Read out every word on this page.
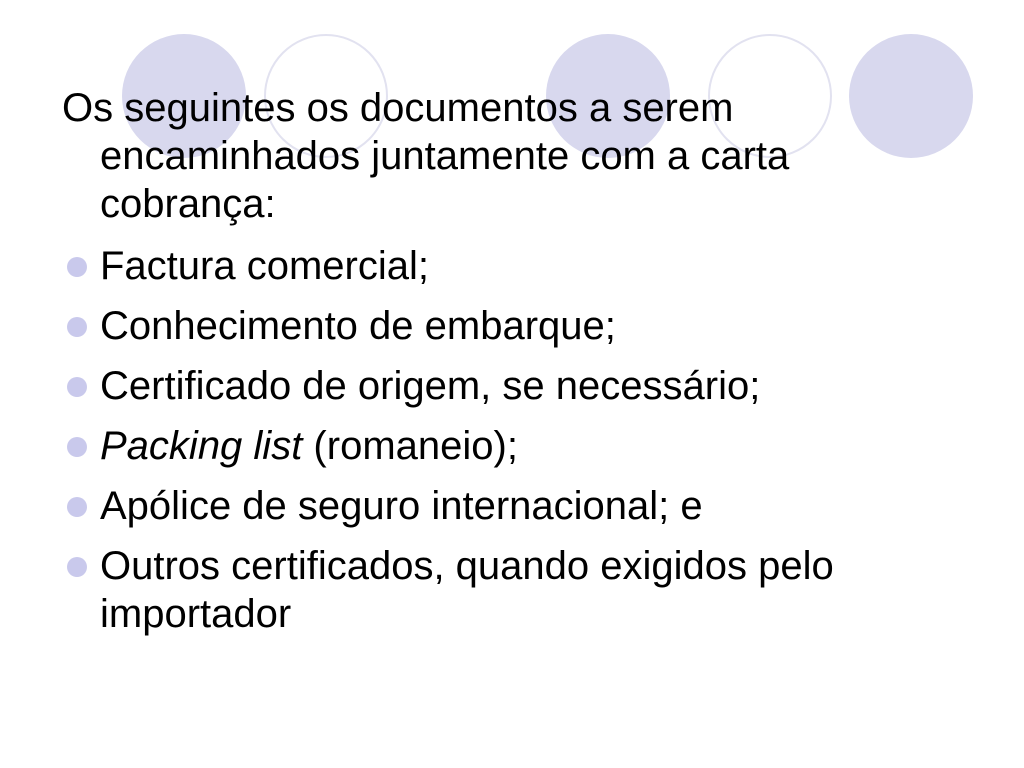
Os seguintes os documentos a serem encaminhados juntamente com a carta cobrança:

Factura comercial;
Conhecimento de embarque;
Certificado de origem, se necessário;
Packing list (romaneio);
Apólice de seguro internacional; e
Outros certificados, quando exigidos pelo importador
